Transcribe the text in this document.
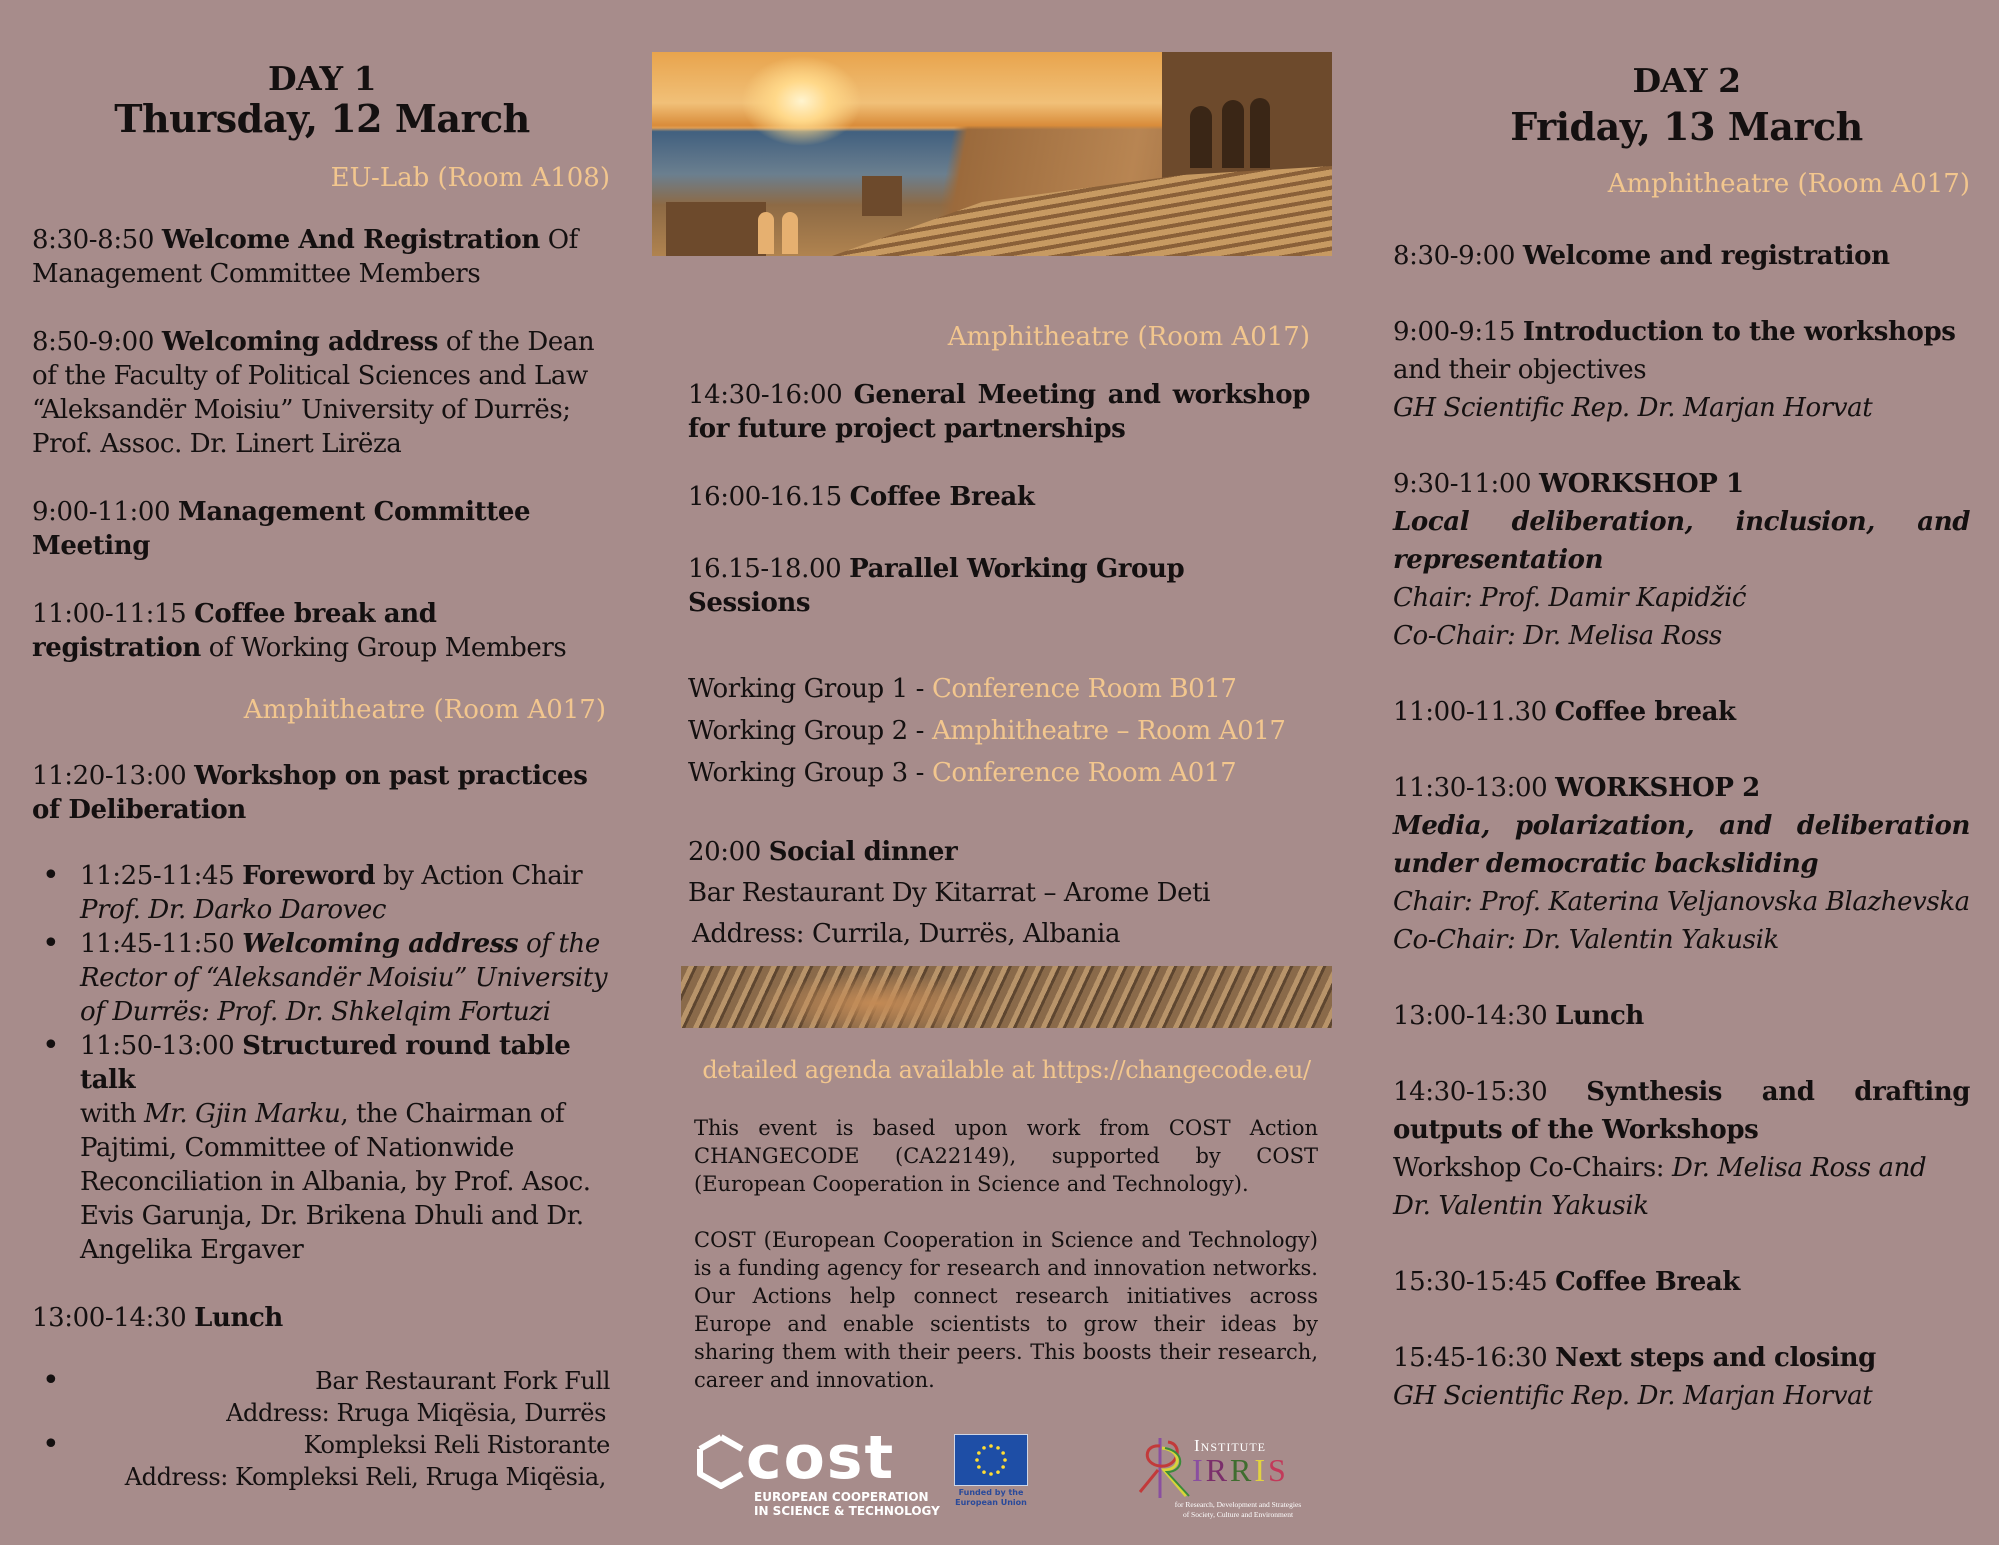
DAY 1
Thursday, 12 March
EU-Lab (Room A108)

8:30-8:50 Welcome And Registration Of Management Committee Members

8:50-9:00 Welcoming address of the Dean of the Faculty of Political Sciences and Law “Aleksandër Moisiu” University of Durrës; Prof. Assoc. Dr. Linert Lirëza

9:00-11:00 Management Committee Meeting

11:00-11:15 Coffee break and registration of Working Group Members

Amphitheatre (Room A017)

11:20-13:00 Workshop on past practices of Deliberation

• 11:25-11:45 Foreword by Action Chair
Prof. Dr. Darko Darovec
• 11:45-11:50 Welcoming address of the Rector of “Aleksandër Moisiu” University of Durrës: Prof. Dr. Shkelqim Fortuzi
• 11:50-13:00 Structured round table talk
with Mr. Gjin Marku, the Chairman of Pajtimi, Committee of Nationwide Reconciliation in Albania, by Prof. Asoc. Evis Garunja, Dr. Brikena Dhuli and Dr. Angelika Ergaver

13:00-14:30 Lunch

• Bar Restaurant Fork Full
Address: Rruga Miqësia, Durrës
• Kompleksi Reli Ristorante
Address: Kompleksi Reli, Rruga Miqësia,
Amphitheatre (Room A017)

14:30-16:00 General Meeting and workshop for future project partnerships

16:00-16.15 Coffee Break

16.15-18.00 Parallel Working Group Sessions

Working Group 1 - Conference Room B017
Working Group 2 - Amphitheatre – Room A017
Working Group 3 - Conference Room A017
20:00 Social dinner
Bar Restaurant Dy Kitarrat – Arome Deti
Address: Currila, Durrës, Albania
detailed agenda available at https://changecode.eu/

This event is based upon work from COST Action CHANGECODE (CA22149), supported by COST (European Cooperation in Science and Technology).

COST (European Cooperation in Science and Technology) is a funding agency for research and innovation networks. Our Actions help connect research initiatives across Europe and enable scientists to grow their ideas by sharing them with their peers. This boosts their research, career and innovation.

cost
EUROPEAN COOPERATION
IN SCIENCE & TECHNOLOGY
Funded by the
European Union
Institute
IRRIS
for Research, Development and Strategies
of Society, Culture and Environment
DAY 2
Friday, 13 March
Amphitheatre (Room A017)

8:30-9:00 Welcome and registration

9:00-9:15 Introduction to the workshops and their objectives
GH Scientific Rep. Dr. Marjan Horvat

9:30-11:00 WORKSHOP 1

Local deliberation, inclusion, and representation

Chair: Prof. Damir Kapidžić

Co-Chair: Dr. Melisa Ross

11:00-11.30 Coffee break

11:30-13:00 WORKSHOP 2

Media, polarization, and deliberation under democratic backsliding

Chair: Prof. Katerina Veljanovska Blazhevska

Co-Chair: Dr. Valentin Yakusik

13:00-14:30 Lunch

14:30-15:30 Synthesis and drafting outputs of the Workshops

Workshop Co-Chairs: Dr. Melisa Ross and Dr. Valentin Yakusik

15:30-15:45 Coffee Break

15:45-16:30 Next steps and closing
GH Scientific Rep. Dr. Marjan Horvat
